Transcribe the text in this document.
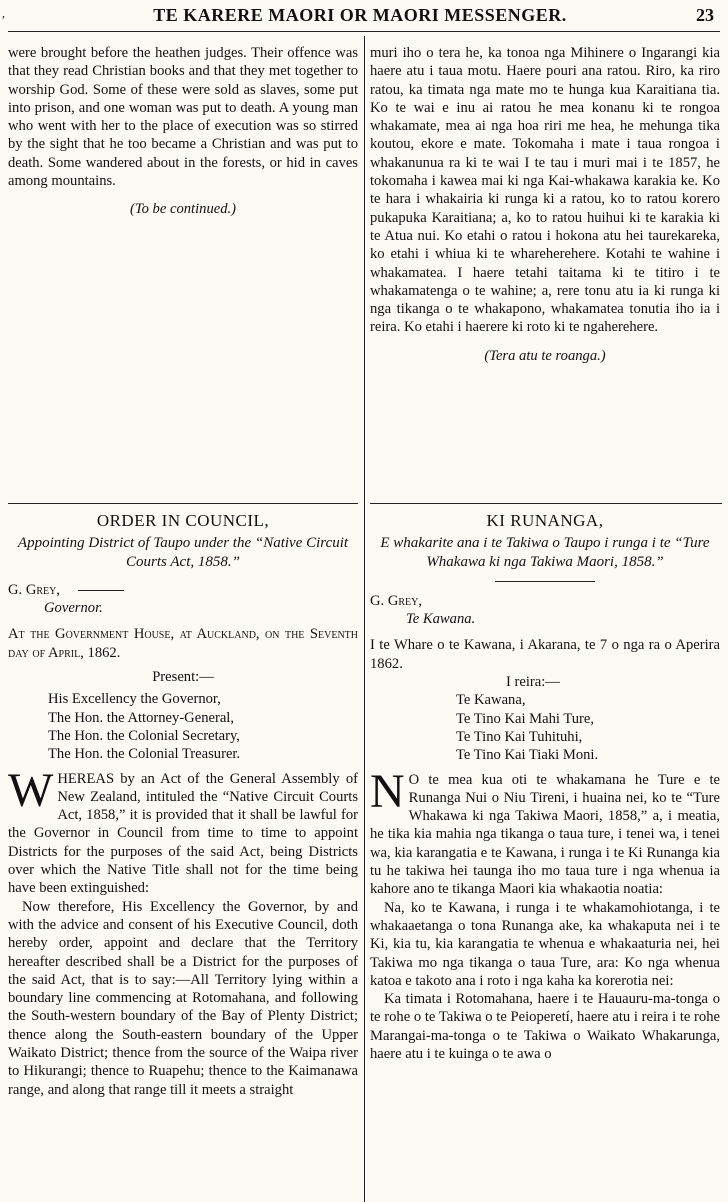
,	TE KARERE MAORI OR MAORI MESSENGER.	23

were brought before the heathen judges. Their offence was that they read Christian books and that they met together to worship God. Some of these were sold as slaves, some put into prison, and one woman was put to death. A young man who went with her to the place of execution was so stirred by the sight that he too became a Christian and was put to death. Some wandered about in the forests, or hid in caves among mountains.

(To be continued.)

muri iho o tera he, ka tonoa nga Mihinere o Ingarangi kia haere atu i taua motu. Haere pouri ana ratou. Riro, ka riro ratou, ka timata nga mate mo te hunga kua Karaitiana tia. Ko te wai e inu ai ratou he mea konanu ki te rongoa whakamate, mea ai nga hoa riri me hea, he mehunga tika koutou, ekore e mate. Tokomaha i mate i taua rongoa i whakanunua ra ki te wai I te tau i muri mai i te 1857, he tokomaha i kawea mai ki nga Kai-whakawa karakia ke. Ko te hara i whakairia ki runga ki a ratou, ko to ratou korero pukapuka Karaitiana; a, ko to ratou huihui ki te karakia ki te Atua nui. Ko etahi o ratou i hokona atu hei taurekareka, ko etahi i whiua ki te whareherehere. Kotahi te wahine i whakamatea. I haere tetahi taitama ki te titiro i te whakamatenga o te wahine; a, rere tonu atu ia ki runga ki nga tikanga o te whakapono, whakamatea tonutia iho ia i reira. Ko etahi i haerere ki roto ki te ngaherehere.

(Tera atu te roanga.)

ORDER IN COUNCIL,

Appointing District of Taupo under the “Native Circuit Courts Act, 1858.”

G. Grey,

Governor.

At the Government House, at Auckland, on the Seventh day of April, 1862.

Present:—

His Excellency the Governor,

The Hon. the Attorney-General,

The Hon. the Colonial Secretary,

The Hon. the Colonial Treasurer.

WHEREAS by an Act of the General Assembly of New Zealand, intituled the “Native Circuit Courts Act, 1858,” it is provided that it shall be lawful for the Governor in Council from time to time to appoint Districts for the purposes of the said Act, being Districts over which the Native Title shall not for the time being have been extinguished:

Now therefore, His Excellency the Governor, by and with the advice and consent of his Executive Council, doth hereby order, appoint and declare that the Territory hereafter described shall be a District for the purposes of the said Act, that is to say:—All Territory lying within a boundary line commencing at Rotomahana, and following the South-western boundary of the Bay of Plenty District; thence along the South-eastern boundary of the Upper Waikato District; thence from the source of the Waipa river to Hikurangi; thence to Ruapehu; thence to the Kaimanawa range, and along that range till it meets a straight

KI RUNANGA,

E whakarite ana i te Takiwa o Taupo i runga i te “Ture Whakawa ki nga Takiwa Maori, 1858.”

G. Grey,

Te Kawana.

I te Whare o te Kawana, i Akarana, te 7 o nga ra o Aperira 1862.

I reira:—

Te Kawana,

Te Tino Kai Mahi Ture,

Te Tino Kai Tuhituhi,

Te Tino Kai Tiaki Moni.

N O te mea kua oti te whakamana he Ture e te Runanga Nui o Niu Tireni, i huaina nei, ko te “Ture Whakawa ki nga Takiwa Maori, 1858,” a, i meatia, he tika kia mahia nga tikanga o taua ture, i tenei wa, i tenei wa, kia karangatia e te Kawana, i runga i te Ki Runanga kia tu he takiwa hei taunga iho mo taua ture i nga whenua ia kahore ano te tikanga Maori kia whakaotia noatia:

Na, ko te Kawana, i runga i te whakamohiotanga, i te whakaaetanga o tona Runanga ake, ka whakaputa nei i te Ki, kia tu, kia karangatia te whenua e whakaaturia nei, hei Takiwa mo nga tikanga o taua Ture, ara: Ko nga whenua katoa e takoto ana i roto i nga kaha ka korerotia nei:

Ka timata i Rotomahana, haere i te Hauauru-ma-tonga o te rohe o te Takiwa o te Peioperetí, haere atu i reira i te rohe Marangai-ma-tonga o te Takiwa o Waikato Whakarunga, haere atu i te kuinga o te awa o
